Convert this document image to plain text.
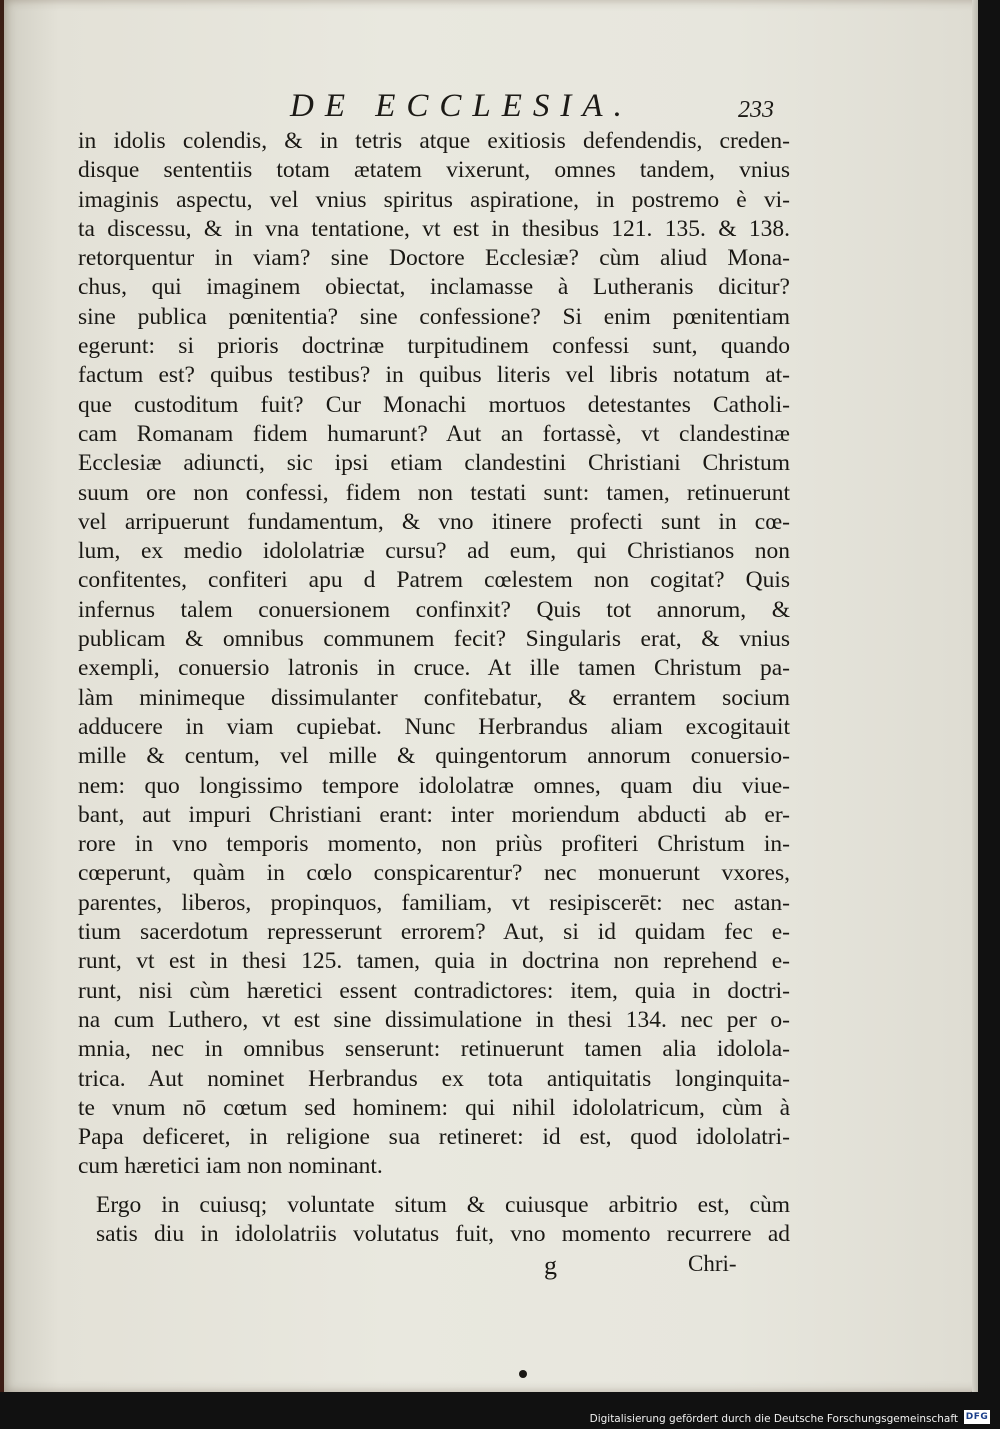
DE ECCLESIA.	233
in idolis colendis, & in tetris atque exitiosis defendendis, creden-
disque sententiis totam ætatem vixerunt, omnes tandem, vnius
imaginis aspectu, vel vnius spiritus aspiratione, in postremo è vi-
ta discessu, & in vna tentatione, vt est in thesibus 121. 135. & 138.
retorquentur in viam? sine Doctore Ecclesiæ? cùm aliud Mona-
chus, qui imaginem obiectat, inclamasse à Lutheranis dicitur?
sine publica pœnitentia? sine confessione? Si enim pœnitentiam
egerunt: si prioris doctrinæ turpitudinem confessi sunt, quando
factum est? quibus testibus? in quibus literis vel libris notatum at-
que custoditum fuit? Cur Monachi mortuos detestantes Catholi-
cam Romanam fidem humarunt? Aut an fortassè, vt clandestinæ
Ecclesiæ adiuncti, sic ipsi etiam clandestini Christiani Christum
suum ore non confessi, fidem non testati sunt: tamen, retinuerunt
vel arripuerunt fundamentum, & vno itinere profecti sunt in cœ-
lum, ex medio idololatriæ cursu? ad eum, qui Christianos non
confitentes, confiteri apu d Patrem cœlestem non cogitat? Quis
infernus talem conuersionem confinxit? Quis tot annorum, &
publicam & omnibus communem fecit? Singularis erat, & vnius
exempli, conuersio latronis in cruce. At ille tamen Christum pa-
làm minimeque dissimulanter confitebatur, & errantem socium
adducere in viam cupiebat. Nunc Herbrandus aliam excogitauit
mille & centum, vel mille & quingentorum annorum conuersio-
nem: quo longissimo tempore idololatræ omnes, quam diu viue-
bant, aut impuri Christiani erant: inter moriendum abducti ab er-
rore in vno temporis momento, non priùs profiteri Christum in-
cœperunt, quàm in cœlo conspicarentur? nec monuerunt vxores,
parentes, liberos, propinquos, familiam, vt resipiscerēt: nec astan-
tium sacerdotum represserunt errorem? Aut, si id quidam fec e-
runt, vt est in thesi 125. tamen, quia in doctrina non reprehend e-
runt, nisi cùm hæretici essent contradictores: item, quia in doctri-
na cum Luthero, vt est sine dissimulatione in thesi 134. nec per o-
mnia, nec in omnibus senserunt: retinuerunt tamen alia idolola-
trica. Aut nominet Herbrandus ex tota antiquitatis longinquita-
te vnum nō cœtum sed hominem: qui nihil idololatricum, cùm à
Papa deficeret, in religione sua retineret: id est, quod idololatri-
cum hæretici iam non nominant.
Ergo in cuiusq; voluntate situm & cuiusque arbitrio est, cùm
satis diu in idololatriis volutatus fuit, vno momento recurrere ad
g	Chri-
Digitalisierung gefördert durch die Deutsche Forschungsgemeinschaft DFG
